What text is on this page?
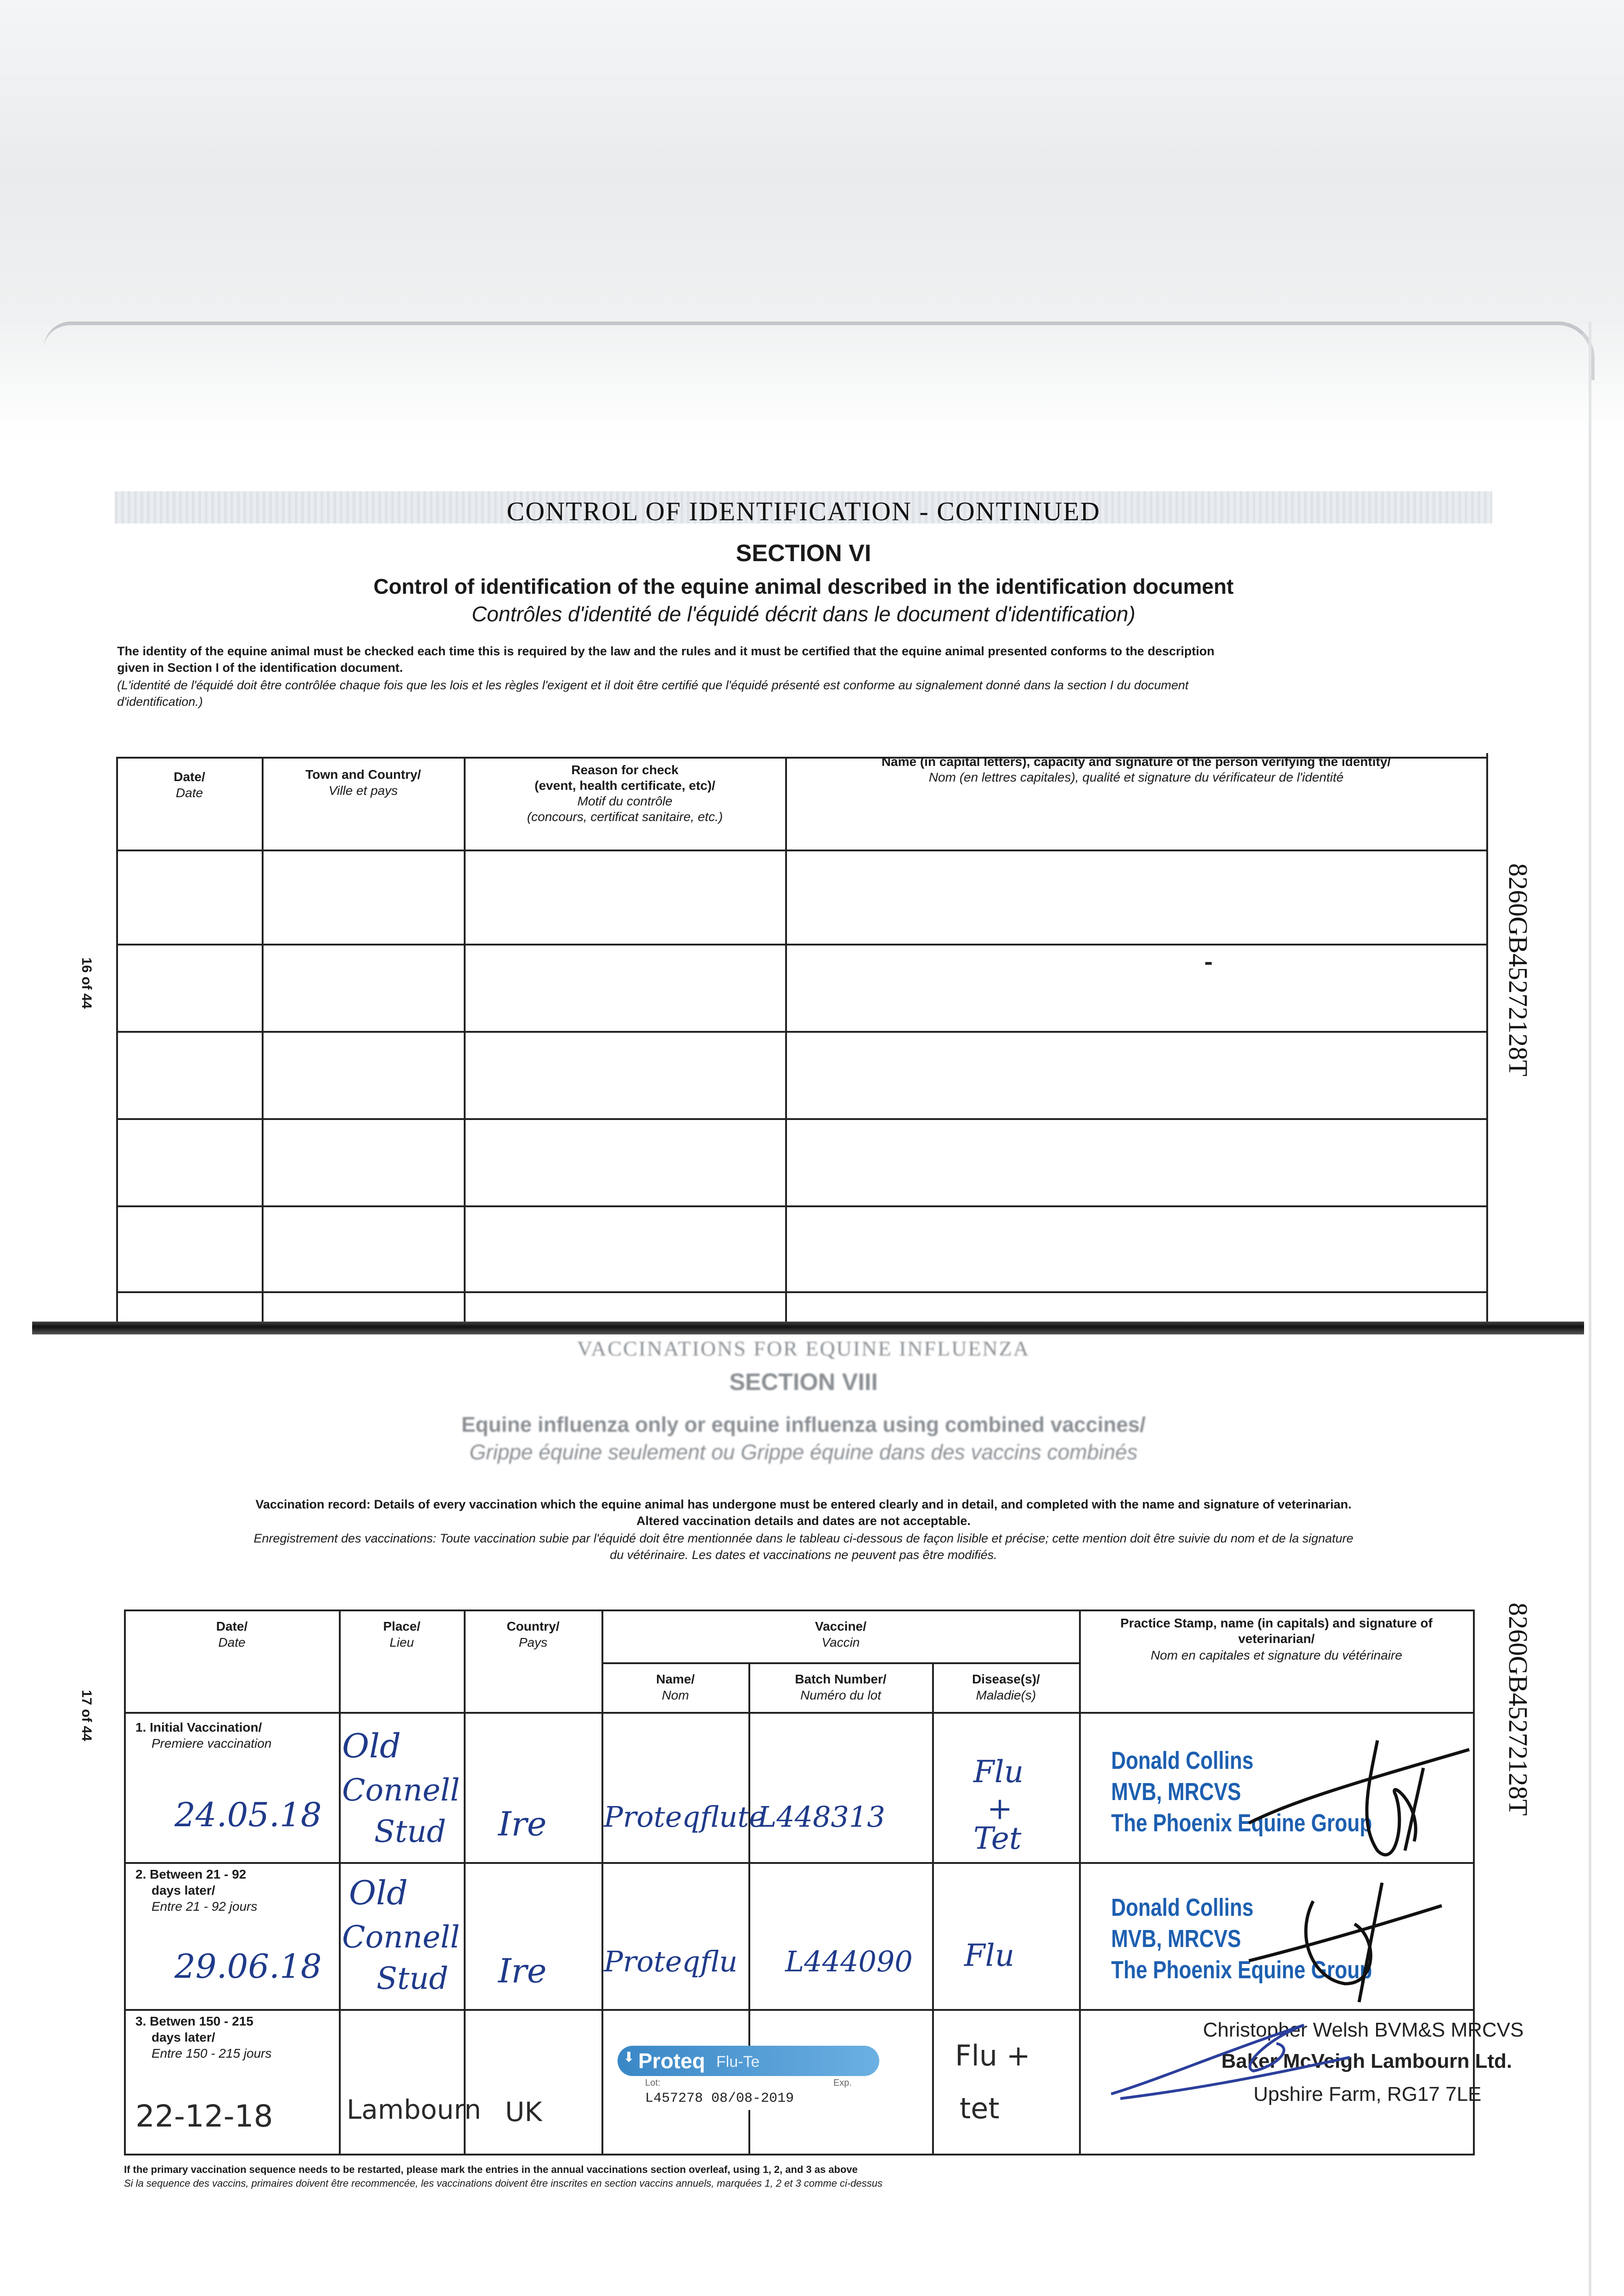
CONTROL OF IDENTIFICATION - CONTINUED
SECTION VI
Control of identification of the equine animal described in the identification document
Contrôles d'identité de l'équidé décrit dans le document d'identification)
The identity of the equine animal must be checked each time this is required by the law and the rules and it must be certified that the equine animal presented conforms to the description
given in Section I of the identification document.
(L'identité de l'équidé doit être contrôlée chaque fois que les lois et les règles l'exigent et il doit être certifié que l'équidé présenté est conforme au signalement donné dans la section I du document
d'identification.)
Date/
Date
Town and Country/
Ville et pays
Reason for check
(event, health certificate, etc)/
Motif du contrôle
(concours, certificat sanitaire, etc.)
Name (in capital letters), capacity and signature of the person verifying the identity/
Nom (en lettres capitales), qualité et signature du vérificateur de l'identité
8260GB45272128T
8260GB45272128T
16 of 44
17 of 44
VACCINATIONS FOR EQUINE INFLUENZA
SECTION VIII
Equine influenza only or equine influenza using combined vaccines/
Grippe équine seulement ou Grippe équine dans des vaccins combinés
Vaccination record: Details of every vaccination which the equine animal has undergone must be entered clearly and in detail, and completed with the name and signature of veterinarian.
Altered vaccination details and dates are not acceptable.
Enregistrement des vaccinations: Toute vaccination subie par l'équidé doit être mentionnée dans le tableau ci-dessous de façon lisible et précise; cette mention doit être suivie du nom et de la signature
du vétérinaire. Les dates et vaccinations ne peuvent pas être modifiés.
Date/
Date
Place/
Lieu
Country/
Pays
Vaccine/
Vaccin
Name/
Nom
Batch Number/
Numéro du lot
Disease(s)/
Maladie(s)
Practice Stamp, name (in capitals) and signature of
veterinarian/
Nom en capitales et signature du vétérinaire
1. Initial Vaccination/
Premiere vaccination
24.05.18
Old
Connell
Stud Ire Proteqflute
L448313
Flu
+
Tet
Donald Collins
MVB, MRCVS
The Phoenix Equine Group
2. Between 21 - 92
days later/
Entre 21 - 92 jours
29.06.18
Old
Connell
Stud Ire Proteqflu L444090 Flu
Donald Collins
MVB, MRCVS
The Phoenix Equine Group
3. Betwen 150 - 215
days later/
Entre 150 - 215 jours
22-12-18	Lambourn UK
⬇ Proteq Flu-Te
Lot:	Exp.
L457278 08/08-2019
Flu +
tet
Christopher Welsh BVM&S MRCVS
Baker McVeigh Lambourn Ltd.
Upshire Farm, RG17 7LE
If the primary vaccination sequence needs to be restarted, please mark the entries in the annual vaccinations section overleaf, using 1, 2, and 3 as above
Si la sequence des vaccins, primaires doivent être recommencée, les vaccinations doivent être inscrites en section vaccins annuels, marquées 1, 2 et 3 comme ci-dessus
